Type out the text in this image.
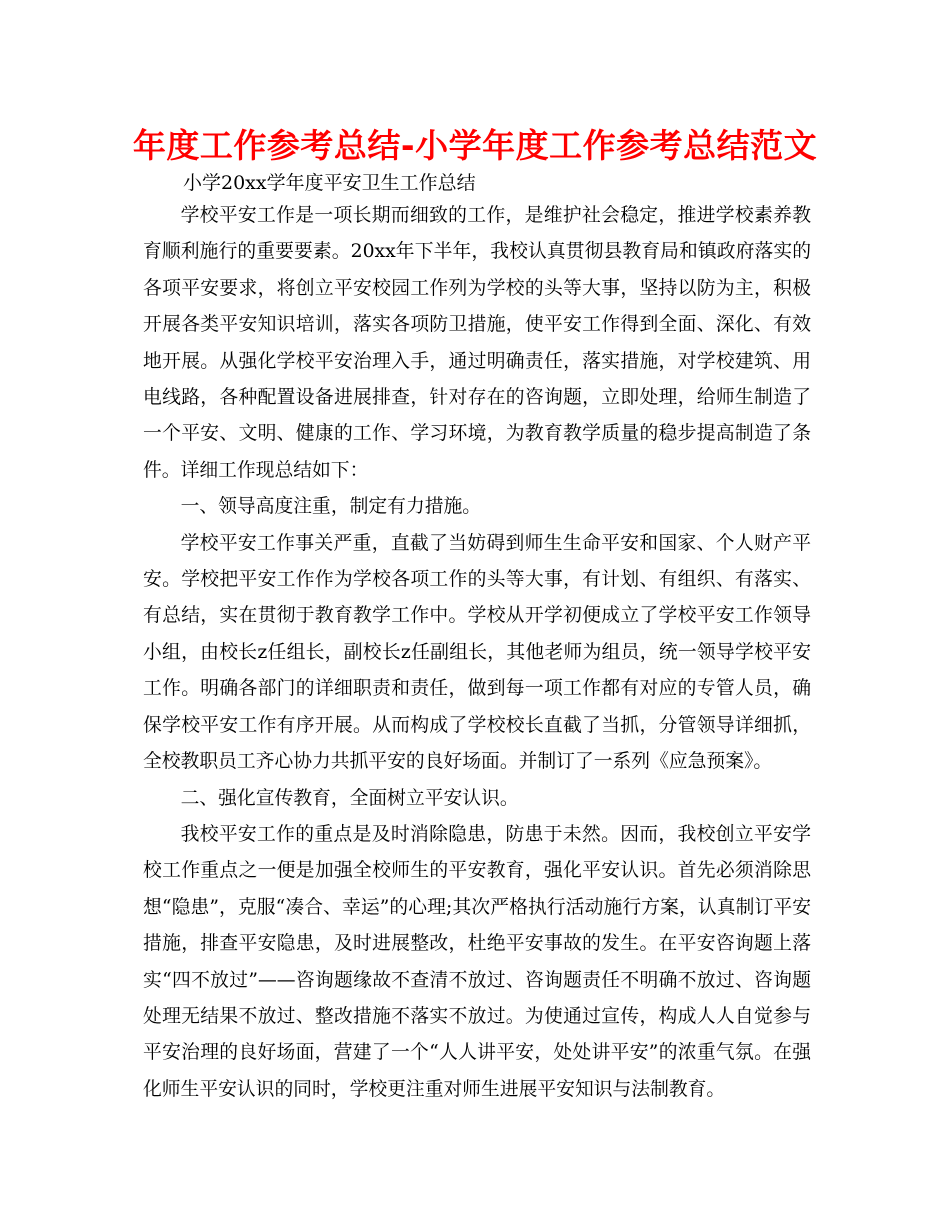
年度工作参考总结-小学年度工作参考总结范文
小学20xx学年度平安卫生工作总结

学校平安工作是一项长期而细致的工作，是维护社会稳定，推进学校素养教育顺利施行的重要要素。20xx年下半年，我校认真贯彻县教育局和镇政府落实的各项平安要求，将创立平安校园工作列为学校的头等大事，坚持以防为主，积极开展各类平安知识培训，落实各项防卫措施，使平安工作得到全面、深化、有效地开展。从强化学校平安治理入手，通过明确责任，落实措施，对学校建筑、用电线路，各种配置设备进展排查，针对存在的咨询题，立即处理，给师生制造了一个平安、文明、健康的工作、学习环境，为教育教学质量的稳步提高制造了条件。详细工作现总结如下：

一、领导高度注重，制定有力措施。

学校平安工作事关严重，直截了当妨碍到师生生命平安和国家、个人财产平安。学校把平安工作作为学校各项工作的头等大事，有计划、有组织、有落实、有总结，实在贯彻于教育教学工作中。学校从开学初便成立了学校平安工作领导小组，由校长z任组长，副校长z任副组长，其他老师为组员，统一领导学校平安工作。明确各部门的详细职责和责任，做到每一项工作都有对应的专管人员，确保学校平安工作有序开展。从而构成了学校校长直截了当抓，分管领导详细抓，全校教职员工齐心协力共抓平安的良好场面。并制订了一系列《应急预案》。

二、强化宣传教育，全面树立平安认识。

我校平安工作的重点是及时消除隐患，防患于未然。因而，我校创立平安学校工作重点之一便是加强全校师生的平安教育，强化平安认识。首先必须消除思想“隐患”，克服“凑合、幸运”的心理;其次严格执行活动施行方案，认真制订平安措施，排查平安隐患，及时进展整改，杜绝平安事故的发生。在平安咨询题上落实“四不放过”——咨询题缘故不查清不放过、咨询题责任不明确不放过、咨询题处理无结果不放过、整改措施不落实不放过。为使通过宣传，构成人人自觉参与平安治理的良好场面，营建了一个“人人讲平安，处处讲平安”的浓重气氛。在强化师生平安认识的同时，学校更注重对师生进展平安知识与法制教育。
